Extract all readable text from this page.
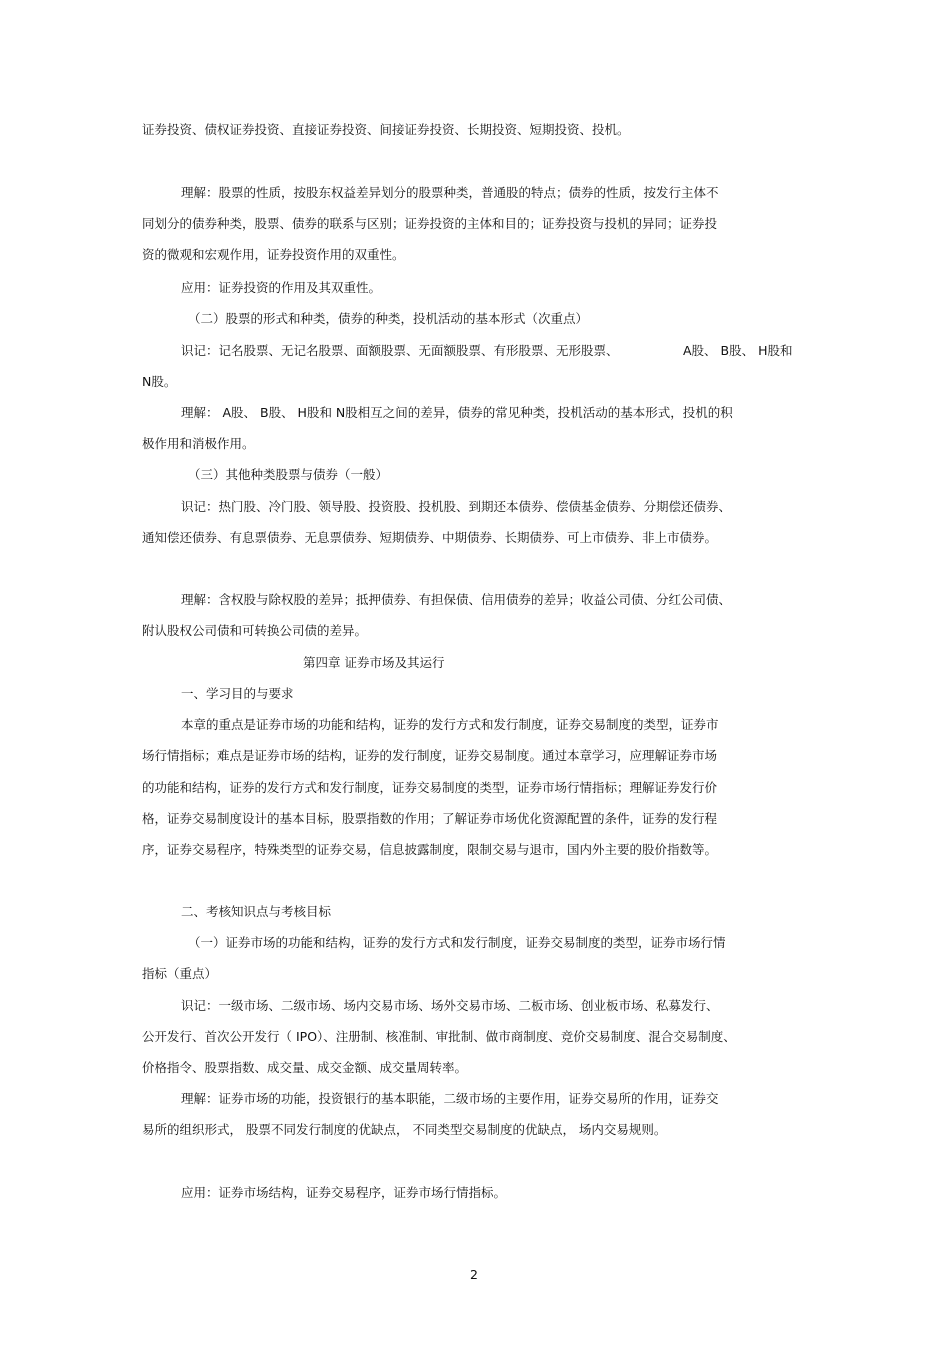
证券投资、债权证券投资、直接证券投资、间接证券投资、长期投资、短期投资、投机。

理解：股票的性质，按股东权益差异划分的股票种类，普通股的特点；债券的性质，按发行主体不

同划分的债券种类，股票、债券的联系与区别；证券投资的主体和目的；证券投资与投机的异同；证券投

资的微观和宏观作用，证券投资作用的双重性。

应用：证券投资的作用及其双重性。

（二）股票的形式和种类，债券的种类，投机活动的基本形式（次重点）

识记：记名股票、无记名股票、面额股票、无面额股票、有形股票、无形股票、	A股、 B股、 H股和

N股。

理解： A股、 B股、 H股和 N股相互之间的差异，债券的常见种类，投机活动的基本形式，投机的积

极作用和消极作用。

（三）其他种类股票与债券（一般）

识记：热门股、冷门股、领导股、投资股、投机股、到期还本债券、偿债基金债券、分期偿还债券、

通知偿还债券、有息票债券、无息票债券、短期债券、中期债券、长期债券、可上市债券、非上市债券。

理解：含权股与除权股的差异；抵押债券、有担保债、信用债券的差异；收益公司债、分红公司债、

附认股权公司债和可转换公司债的差异。

第四章 证券市场及其运行

一、学习目的与要求

本章的重点是证券市场的功能和结构，证券的发行方式和发行制度，证券交易制度的类型，证券市

场行情指标；难点是证券市场的结构，证券的发行制度，证券交易制度。通过本章学习，应理解证券市场

的功能和结构，证券的发行方式和发行制度，证券交易制度的类型，证券市场行情指标；理解证券发行价

格，证券交易制度设计的基本目标，股票指数的作用；了解证券市场优化资源配置的条件，证券的发行程

序，证券交易程序，特殊类型的证券交易，信息披露制度，限制交易与退市，国内外主要的股价指数等。

二、考核知识点与考核目标

（一）证券市场的功能和结构，证券的发行方式和发行制度，证券交易制度的类型，证券市场行情

指标（重点）

识记：一级市场、二级市场、场内交易市场、场外交易市场、二板市场、创业板市场、私募发行、

公开发行、首次公开发行（ IPO）、注册制、核准制、审批制、做市商制度、竞价交易制度、混合交易制度、

价格指令、股票指数、成交量、成交金额、成交量周转率。

理解：证券市场的功能，投资银行的基本职能，二级市场的主要作用，证券交易所的作用，证券交

易所的组织形式， 股票不同发行制度的优缺点， 不同类型交易制度的优缺点， 场内交易规则。

应用：证券市场结构，证券交易程序，证券市场行情指标。

2
